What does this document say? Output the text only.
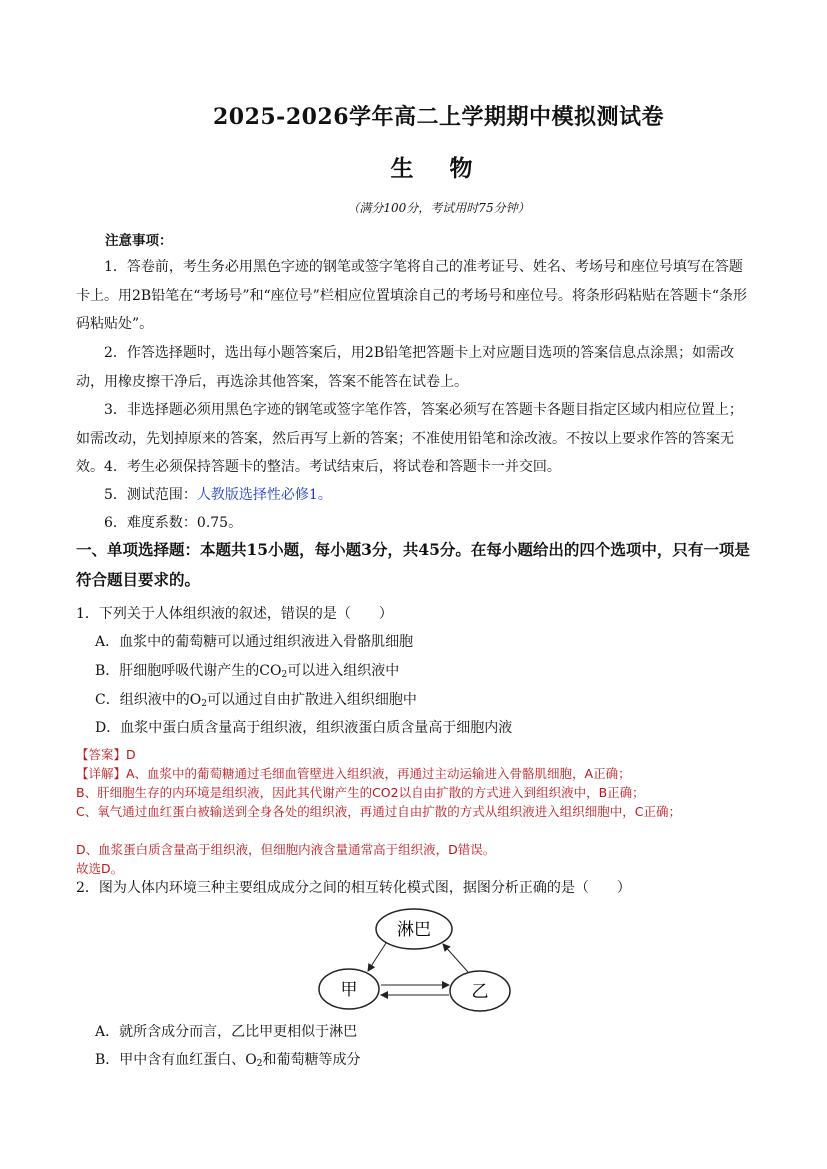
2025-2026学年高二上学期期中模拟测试卷
生 物
（满分100分，考试用时75分钟）
注意事项：
1．答卷前，考生务必用黑色字迹的钢笔或签字笔将自己的准考证号、姓名、考场号和座位号填写在答题卡上。用2B铅笔在“考场号”和“座位号”栏相应位置填涂自己的考场号和座位号。将条形码粘贴在答题卡“条形码粘贴处”。
2．作答选择题时，选出每小题答案后，用2B铅笔把答题卡上对应题目选项的答案信息点涂黑；如需改动，用橡皮擦干净后，再选涂其他答案，答案不能答在试卷上。
3．非选择题必须用黑色字迹的钢笔或签字笔作答，答案必须写在答题卡各题目指定区域内相应位置上；如需改动，先划掉原来的答案，然后再写上新的答案；不准使用铅笔和涂改液。不按以上要求作答的答案无效。 4．考生必须保持答题卡的整洁。考试结束后，将试卷和答题卡一并交回。
5．测试范围：人教版选择性必修1。
6．难度系数：0.75。
一、单项选择题：本题共15小题，每小题3分，共45分。在每小题给出的四个选项中，只有一项是符合题目要求的。
1．下列关于人体组织液的叙述，错误的是（　　）
A．血浆中的葡萄糖可以通过组织液进入骨骼肌细胞
B．肝细胞呼吸代谢产生的$CO_2$可以进入组织液中
C．组织液中的$O_2$可以通过自由扩散进入组织细胞中
D．血浆中蛋白质含量高于组织液，组织液蛋白质含量高于细胞内液
【答案】D
【详解】A、血浆中的葡萄糖通过毛细血管壁进入组织液，再通过主动运输进入骨骼肌细胞，A正确；
B、肝细胞生存的内环境是组织液，因此其代谢产生的CO2以自由扩散的方式进入到组织液中，B正确；
C、氧气通过血红蛋白被输送到全身各处的组织液，再通过自由扩散的方式从组织液进入组织细胞中，C正确；
D、血浆蛋白质含量高于组织液，但细胞内液含量通常高于组织液，D错误。
故选D。
2．图为人体内环境三种主要组成成分之间的相互转化模式图，据图分析正确的是（　　）
淋巴
甲	乙
A．就所含成分而言，乙比甲更相似于淋巴
B．甲中含有血红蛋白、$O_2$和葡萄糖等成分
